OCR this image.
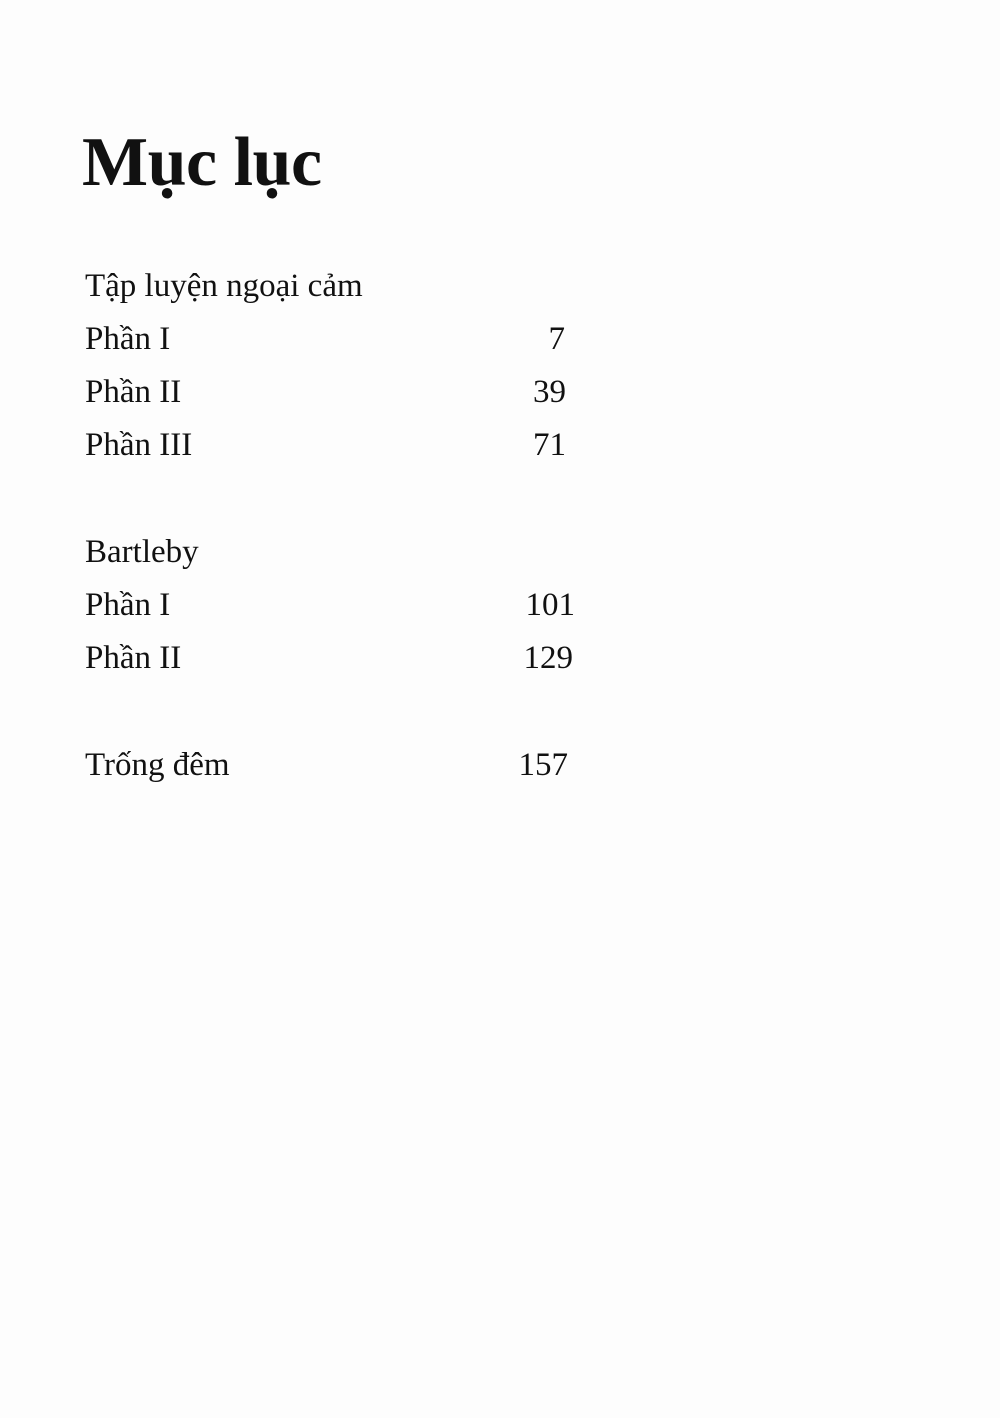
Mục lục
Tập luyện ngoại cảm
Phần I	7
Phần II	39
Phần III	71
Bartleby
Phần I	101
Phần II	129
Trống đêm	157
